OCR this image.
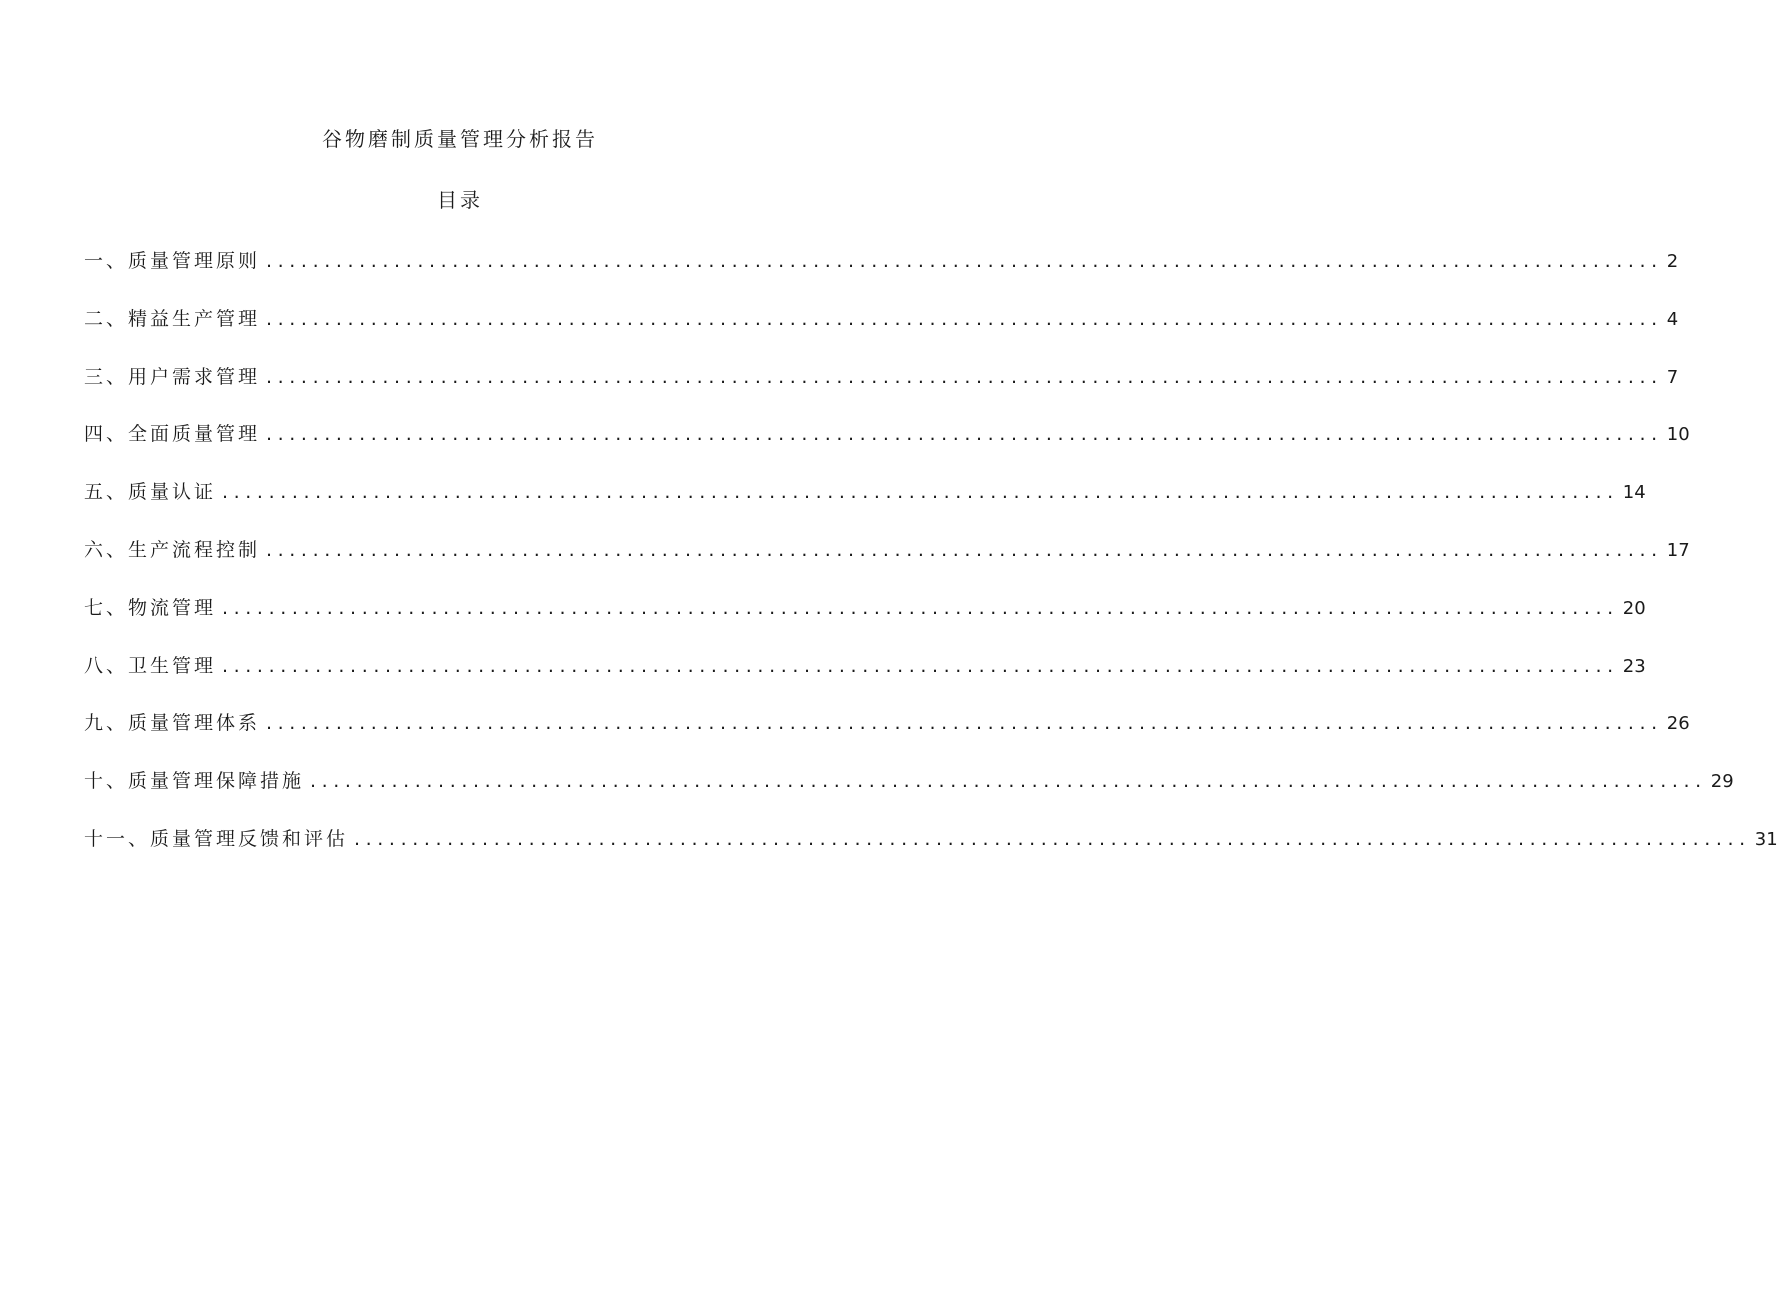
谷物磨制质量管理分析报告
目录
一、质量管理原则 ........................................................................................................................ 2
二、精益生产管理 ........................................................................................................................ 4
三、用户需求管理 ........................................................................................................................ 7
四、全面质量管理 ........................................................................................................................ 10
五、质量认证 ........................................................................................................................ 14
六、生产流程控制 ........................................................................................................................ 17
七、物流管理 ........................................................................................................................ 20
八、卫生管理 ........................................................................................................................ 23
九、质量管理体系 ........................................................................................................................ 26
十、质量管理保障措施 ........................................................................................................................ 29
十一、质量管理反馈和评估 ........................................................................................................................ 31
